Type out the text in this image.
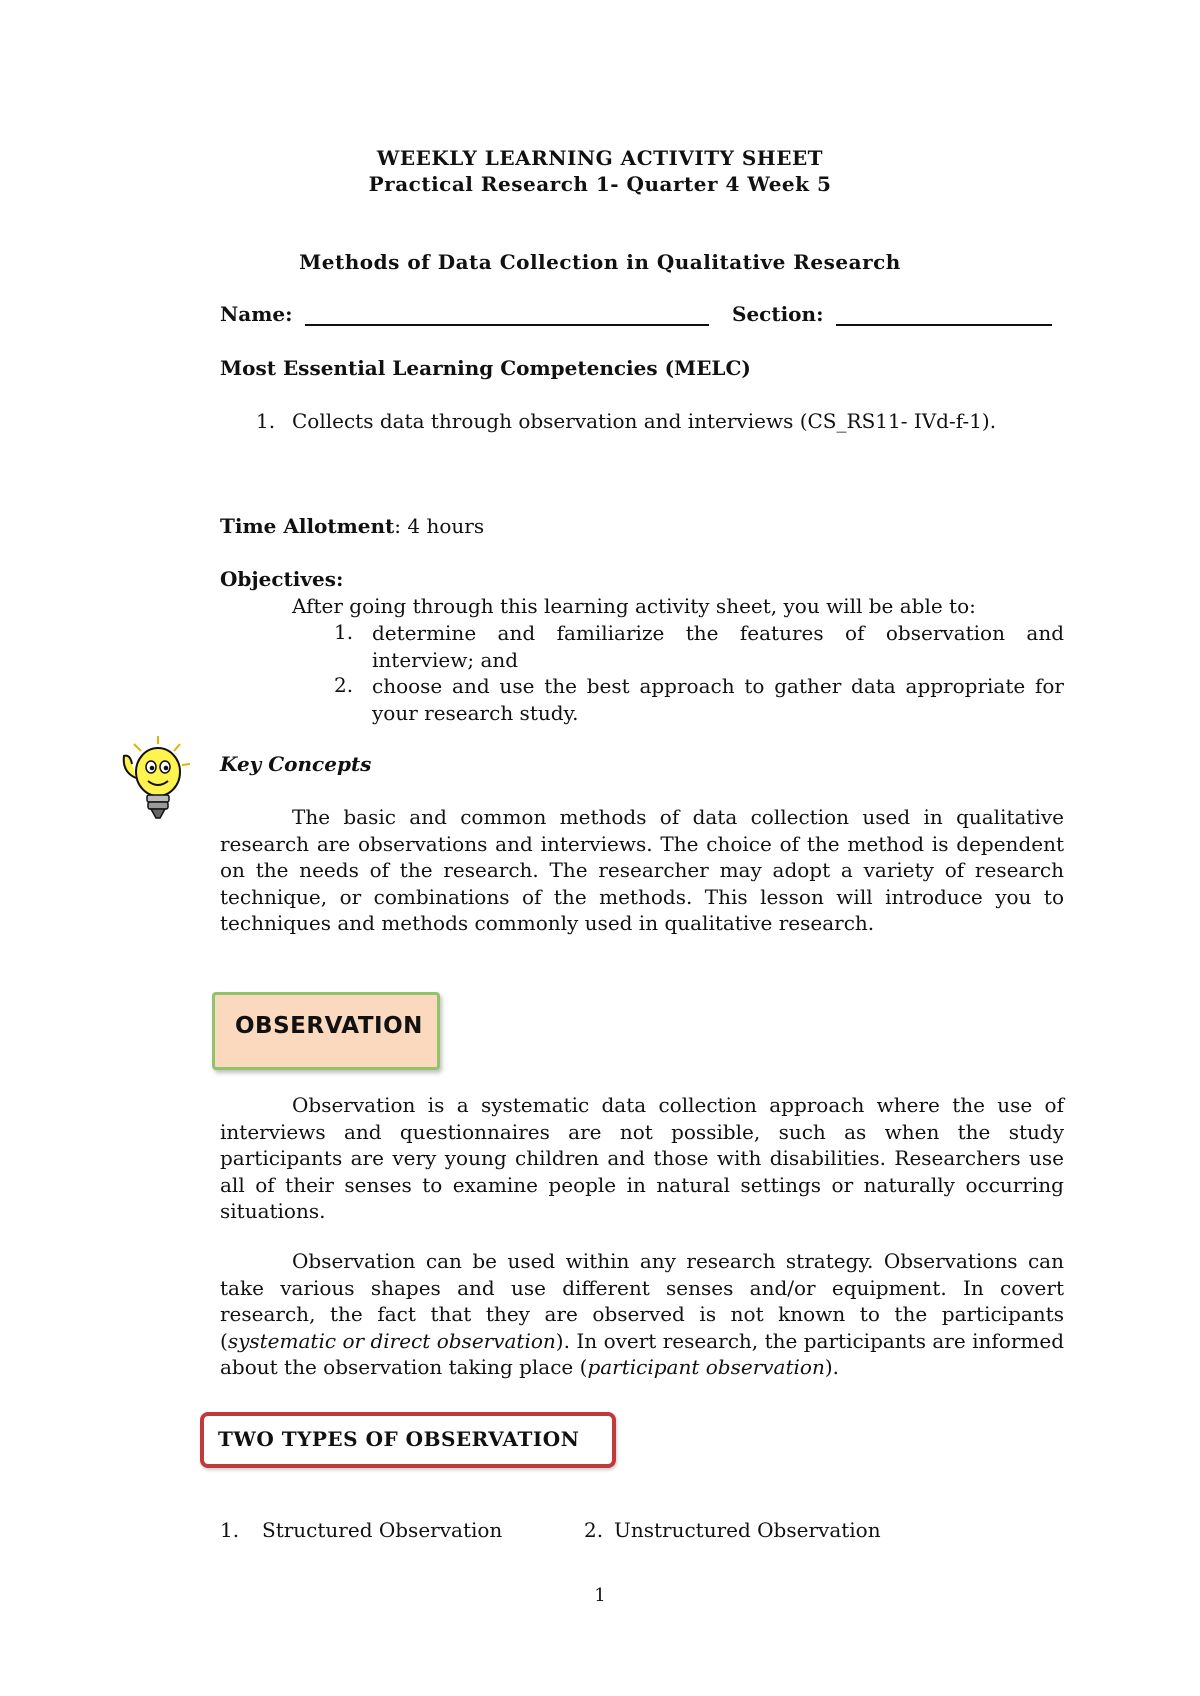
WEEKLY LEARNING ACTIVITY SHEET
Practical Research 1- Quarter 4 Week 5
Methods of Data Collection in Qualitative Research
Name:	Section:
Most Essential Learning Competencies (MELC)
1. Collects data through observation and interviews (CS_RS11- IVd-f-1).
Time Allotment: 4 hours
Objectives:
After going through this learning activity sheet, you will be able to:
1. determine and familiarize the features of observation and interview; and
2. choose and use the best approach to gather data appropriate for your research study.
Key Concepts
The basic and common methods of data collection used in qualitative research are observations and interviews. The choice of the method is dependent on the needs of the research. The researcher may adopt a variety of research technique, or combinations of the methods. This lesson will introduce you to techniques and methods commonly used in qualitative research.
OBSERVATION
Observation is a systematic data collection approach where the use of interviews and questionnaires are not possible, such as when the study participants are very young children and those with disabilities. Researchers use all of their senses to examine people in natural settings or naturally occurring situations.
Observation can be used within any research strategy. Observations can take various shapes and use different senses and/or equipment. In covert research, the fact that they are observed is not known to the participants (systematic or direct observation). In overt research, the participants are informed about the observation taking place (participant observation).
TWO TYPES OF OBSERVATION
1. Structured Observation	2. Unstructured Observation
1
